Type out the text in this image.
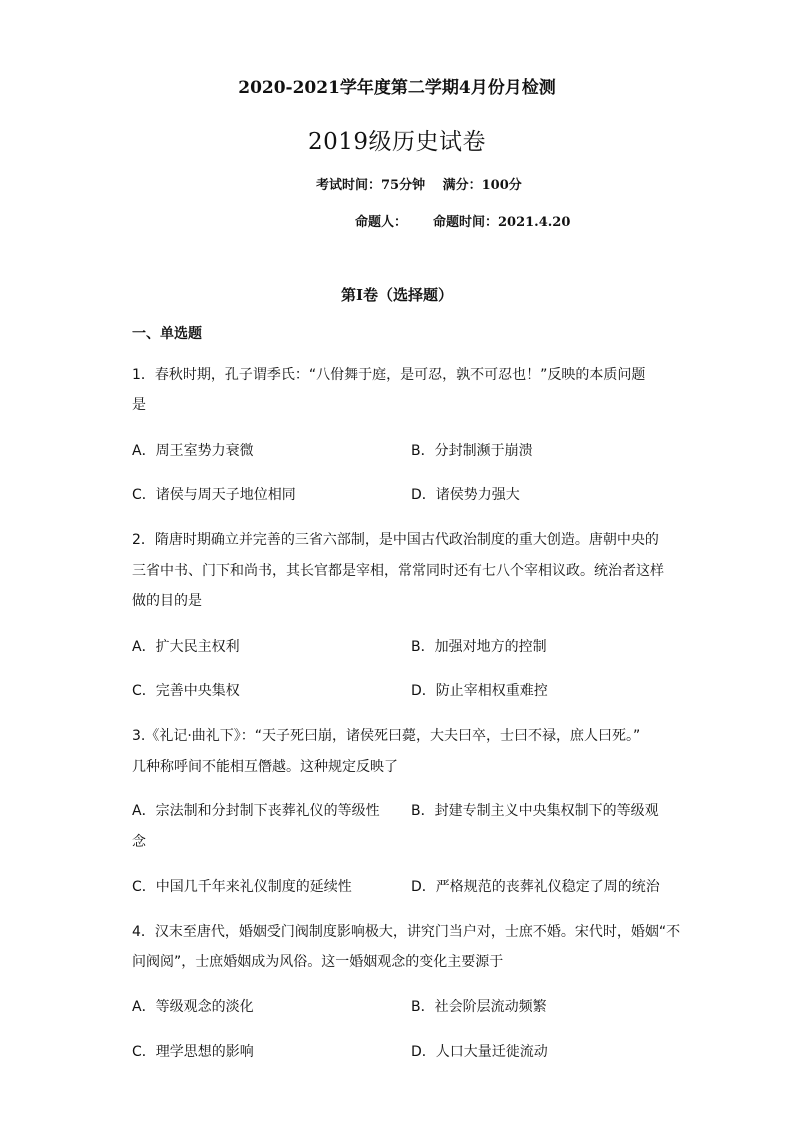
2020-2021学年度第二学期4月份月检测
2019级历史试卷
考试时间：75分钟　 满分：100分
命题人： 命题时间：2021.4.20
第I卷（选择题）
一、单选题
1．春秋时期，孔子谓季氏：“八佾舞于庭，是可忍，孰不可忍也！”反映的本质问题
是
A．周王室势力衰微	B．分封制濒于崩溃
C．诸侯与周天子地位相同	D．诸侯势力强大
2．隋唐时期确立并完善的三省六部制，是中国古代政治制度的重大创造。唐朝中央的
三省中书、门下和尚书，其长官都是宰相，常常同时还有七八个宰相议政。统治者这样
做的目的是
A．扩大民主权利	B．加强对地方的控制
C．完善中央集权	D．防止宰相权重难控
3.《礼记·曲礼下》：“天子死曰崩，诸侯死曰薨，大夫曰卒，士曰不禄，庶人曰死。”
几种称呼间不能相互僭越。这种规定反映了
A．宗法制和分封制下丧葬礼仪的等级性 B．封建专制主义中央集权制下的等级观
念
C．中国几千年来礼仪制度的延续性	D．严格规范的丧葬礼仪稳定了周的统治
4．汉末至唐代，婚姻受门阀制度影响极大，讲究门当户对，士庶不婚。宋代时，婚姻“不
问阀阅”，士庶婚姻成为风俗。这一婚姻观念的变化主要源于
A．等级观念的淡化	B．社会阶层流动频繁
C．理学思想的影响	D．人口大量迁徙流动
